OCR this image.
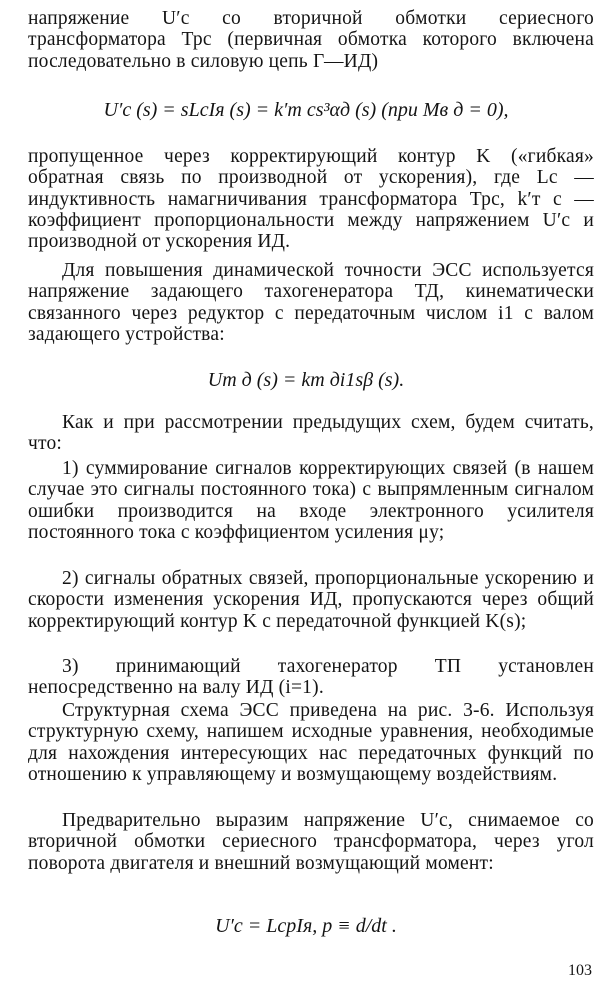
напряжение U′c со вторичной обмотки сериесного трансформатора Трc (первичная обмотка которого включена последовательно в силовую цепь Г—ИД)

U′c (s) = sLcIя (s) = k′т cs³αд (s) (при Mв д = 0),

пропущенное через корректирующий контур K («гибкая» обратная связь по производной от ускорения), где Lc — индуктивность намагничивания трансформатора Трc, k′т c — коэффициент пропорциональности между напряжением U′c и производной от ускорения ИД.

Для повышения динамической точности ЭСС используется напряжение задающего тахогенератора ТД, кинематически связанного через редуктор с передаточным числом i1 с валом задающего устройства:

Uт д (s) = kт дi1sβ (s).

Как и при рассмотрении предыдущих схем, будем считать, что:

1) суммирование сигналов корректирующих связей (в нашем случае это сигналы постоянного тока) с выпрямленным сигналом ошибки производится на входе электронного усилителя постоянного тока с коэффициентом усиления μу;

2) сигналы обратных связей, пропорциональные ускорению и скорости изменения ускорения ИД, пропускаются через общий корректирующий контур K с передаточной функцией K(s);

3) принимающий тахогенератор ТП установлен непосредственно на валу ИД (i=1).

Структурная схема ЭСС приведена на рис. 3-6. Используя структурную схему, напишем исходные уравнения, необходимые для нахождения интересующих нас передаточных функций по отношению к управляющему и возмущающему воздействиям.

Предварительно выразим напряжение U′c, снимаемое со вторичной обмотки сериесного трансформатора, через угол поворота двигателя и внешний возмущающий момент:

U′c = LcpIя, p ≡ d/dt .

103
